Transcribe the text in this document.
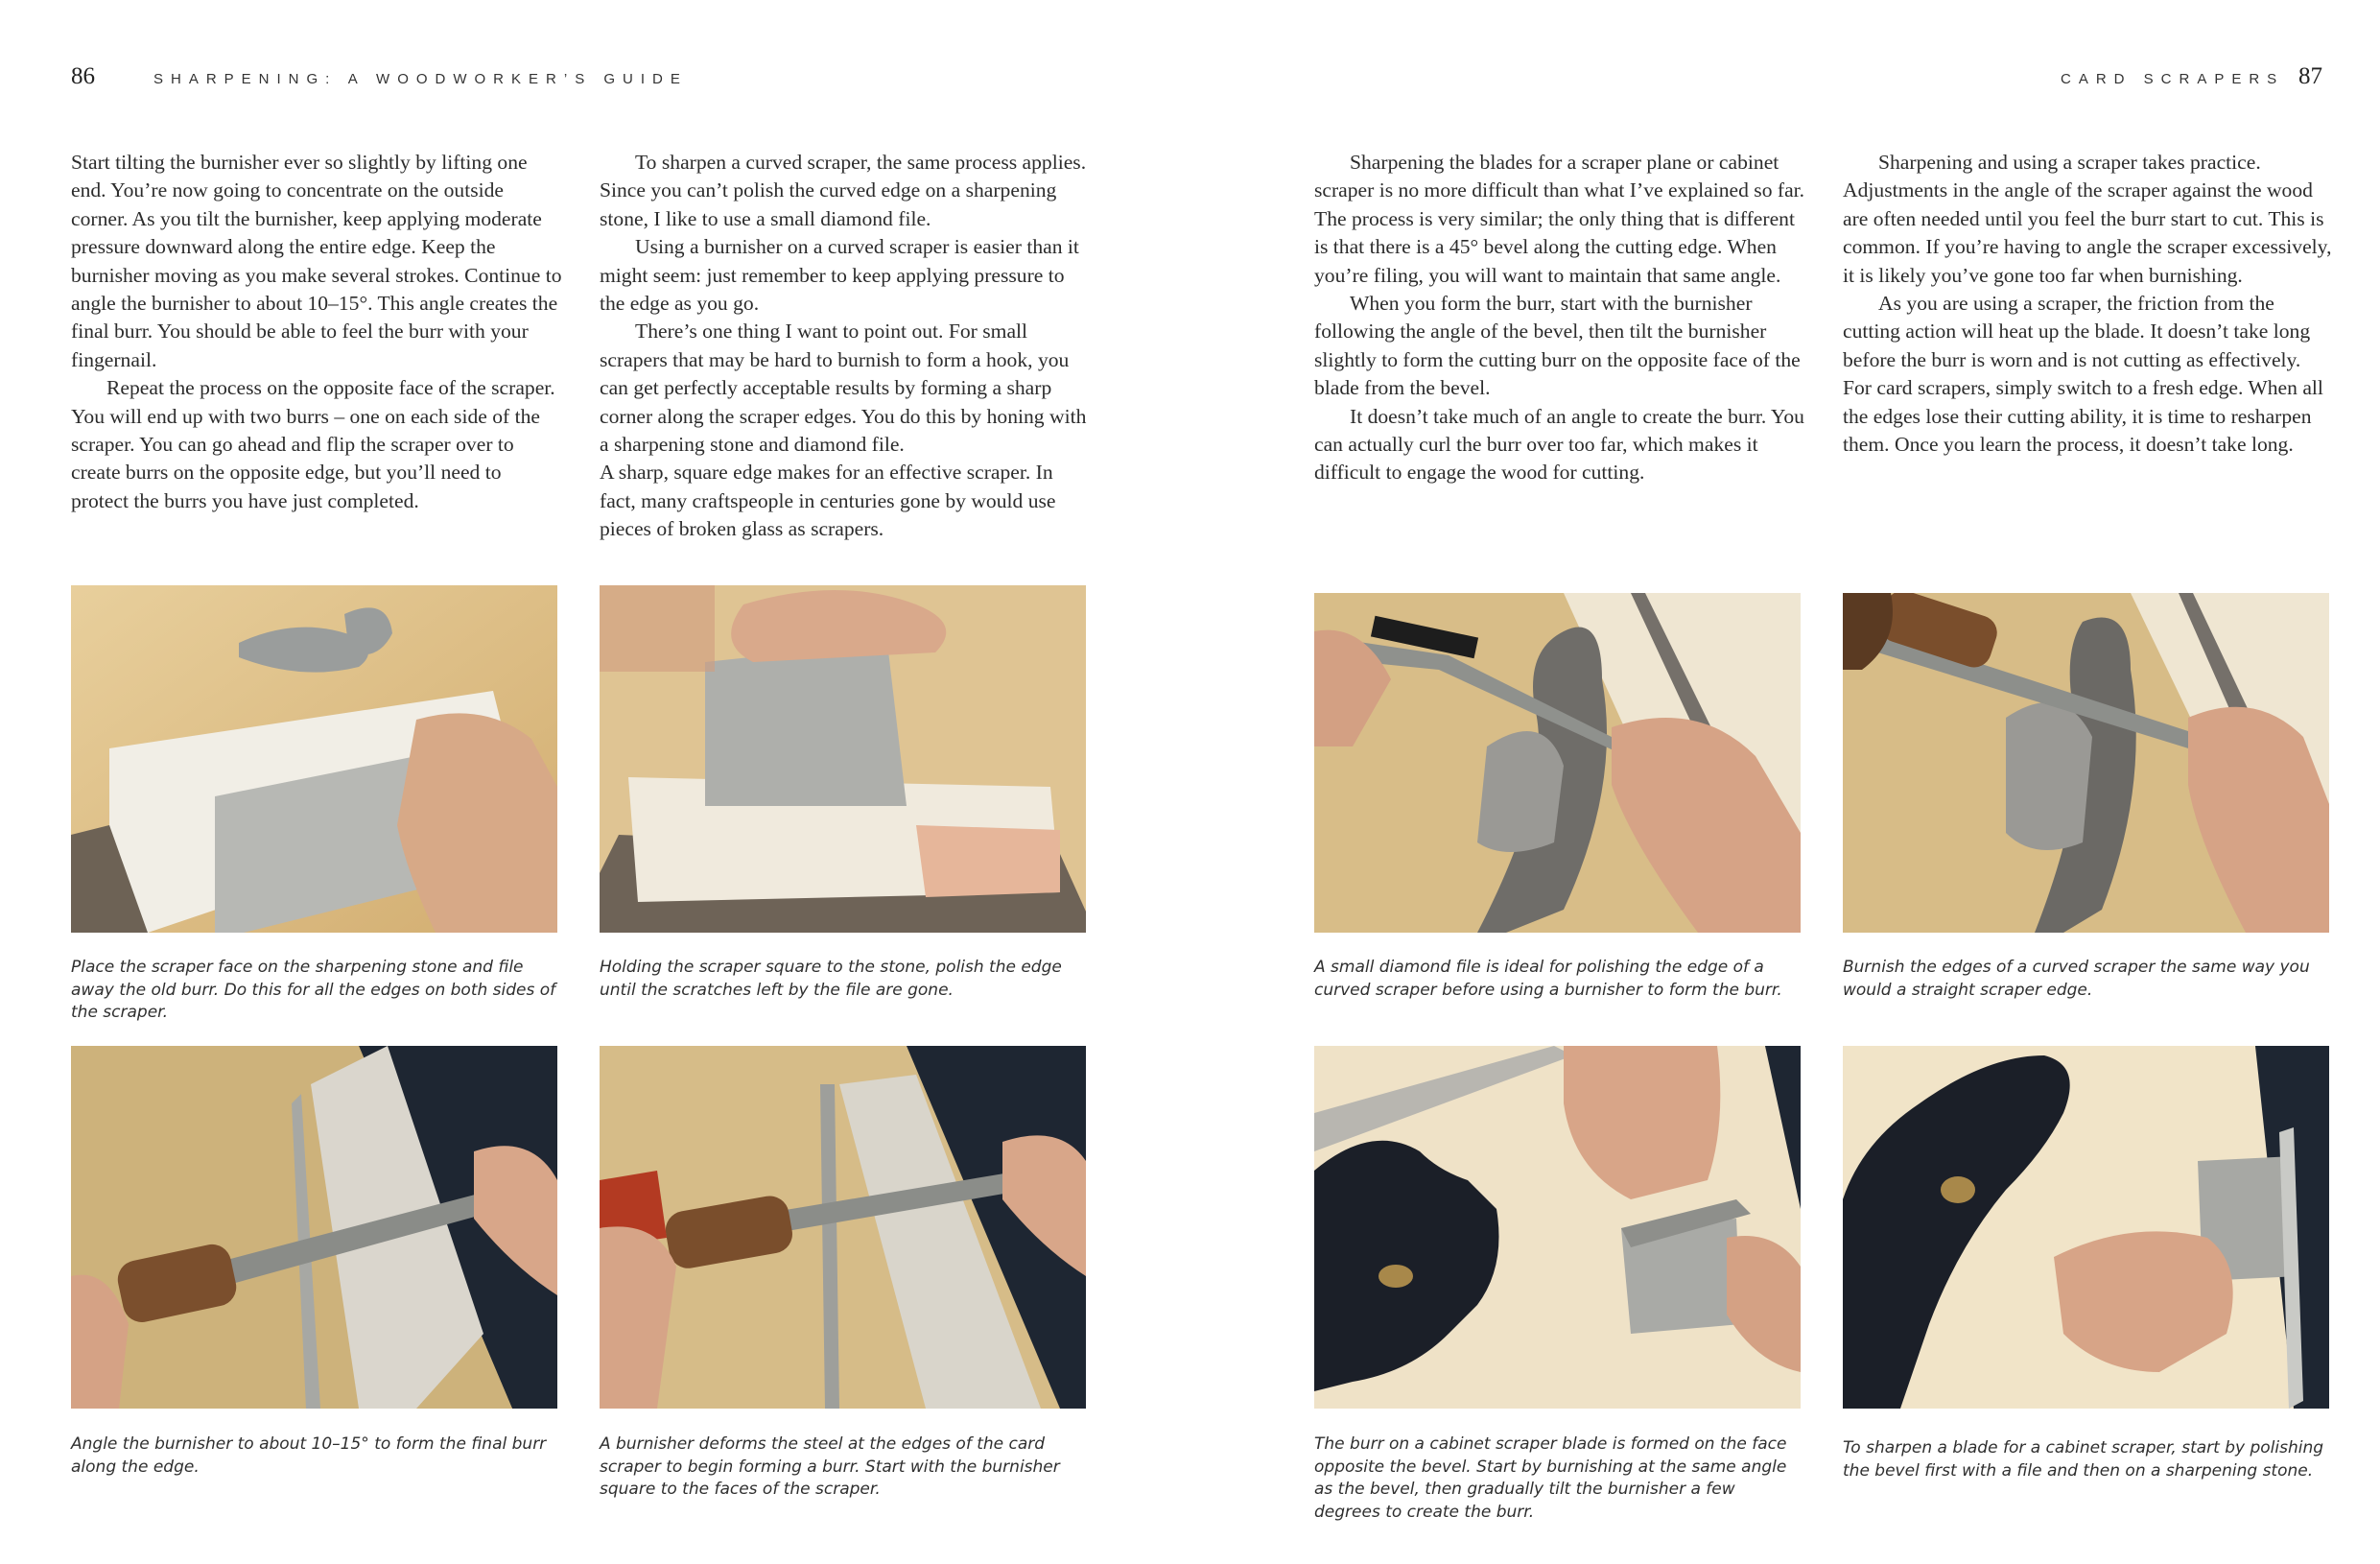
86	SHARPENING: A WOODWORKER’S GUIDE

Start tilting the burnisher ever so slightly by lifting one end. You’re now going to concentrate on the outside corner. As you tilt the burnisher, keep applying moderate pressure downward along the entire edge. Keep the burnisher moving as you make several strokes. Continue to angle the burnisher to about 10–15°. This angle creates the final burr. You should be able to feel the burr with your fingernail.

Repeat the process on the opposite face of the scraper. You will end up with two burrs – one on each side of the scraper. You can go ahead and flip the scraper over to create burrs on the opposite edge, but you’ll need to protect the burrs you have just completed.

To sharpen a curved scraper, the same process applies. Since you can’t polish the curved edge on a sharpening stone, I like to use a small diamond file.

Using a burnisher on a curved scraper is easier than it might seem: just remember to keep applying pressure to the edge as you go.

There’s one thing I want to point out. For small scrapers that may be hard to burnish to form a hook, you can get perfectly acceptable results by forming a sharp corner along the scraper edges. You do this by honing with a sharpening stone and diamond file.

A sharp, square edge makes for an effective scraper. In fact, many craftspeople in centuries gone by would use pieces of broken glass as scrapers.

Place the scraper face on the sharpening stone and file away the old burr. Do this for all the edges on both sides of the scraper.
Holding the scraper square to the stone, polish the edge until the scratches left by the file are gone.
Angle the burnisher to about 10–15° to form the final burr along the edge.
A burnisher deforms the steel at the edges of the card scraper to begin forming a burr. Start with the burnisher square to the faces of the scraper.
CARD SCRAPERS 87

Sharpening the blades for a scraper plane or cabinet scraper is no more difficult than what I’ve explained so far. The process is very similar; the only thing that is different is that there is a 45° bevel along the cutting edge. When you’re filing, you will want to maintain that same angle.

When you form the burr, start with the burnisher following the angle of the bevel, then tilt the burnisher slightly to form the cutting burr on the opposite face of the blade from the bevel.

It doesn’t take much of an angle to create the burr. You can actually curl the burr over too far, which makes it difficult to engage the wood for cutting.

Sharpening and using a scraper takes practice. Adjustments in the angle of the scraper against the wood are often needed until you feel the burr start to cut. This is common. If you’re having to angle the scraper excessively, it is likely you’ve gone too far when burnishing.

As you are using a scraper, the friction from the cutting action will heat up the blade. It doesn’t take long before the burr is worn and is not cutting as effectively. For card scrapers, simply switch to a fresh edge. When all the edges lose their cutting ability, it is time to resharpen them. Once you learn the process, it doesn’t take long.

A small diamond file is ideal for polishing the edge of a curved scraper before using a burnisher to form the burr.
Burnish the edges of a curved scraper the same way you would a straight scraper edge.
The burr on a cabinet scraper blade is formed on the face opposite the bevel. Start by burnishing at the same angle as the bevel, then gradually tilt the burnisher a few degrees to create the burr.
To sharpen a blade for a cabinet scraper, start by polishing the bevel first with a file and then on a sharpening stone.
